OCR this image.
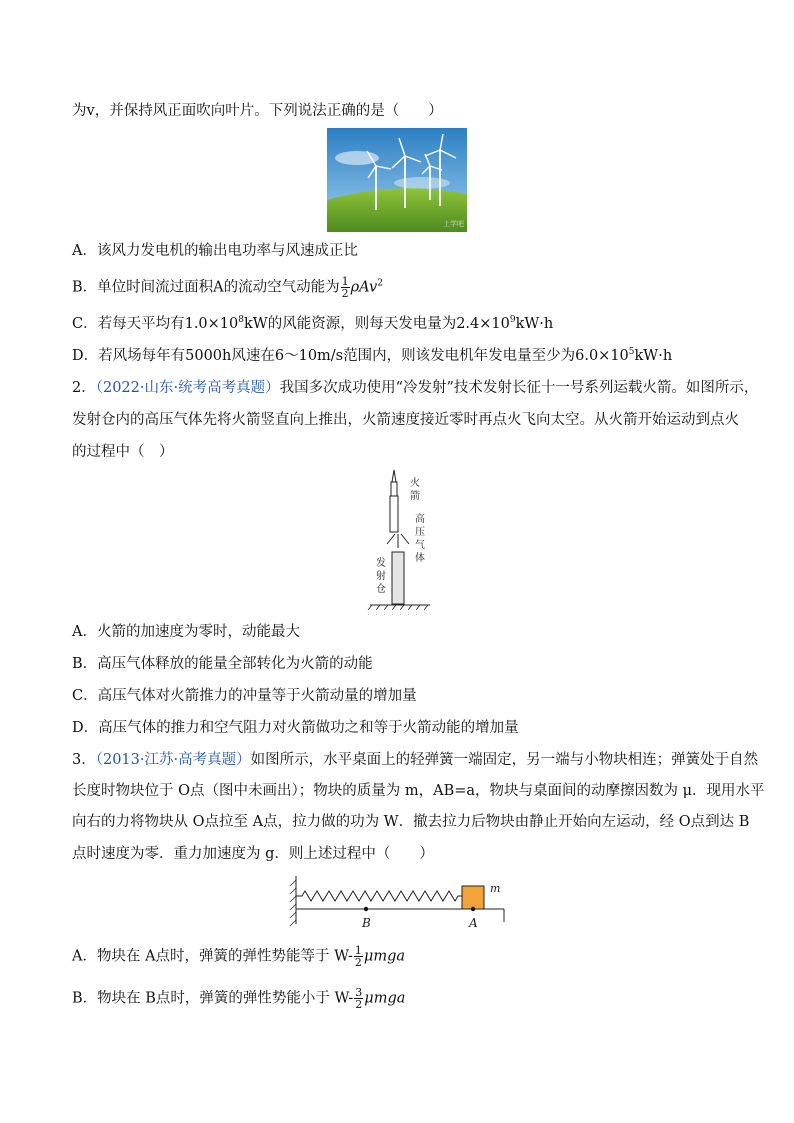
为v，并保持风正面吹向叶片。下列说法正确的是（　　）
上学吧
A．该风力发电机的输出电功率与风速成正比
B．单位时间流过面积A的流动空气动能为 $\frac{1}{2} \rho Av^2$
C．若每天平均有$1.0\times 10^8kW$的风能资源，则每天发电量为$2.4\times 10^9kW\cdot h$
D．若风场每年有5000h风速在6～10m/s范围内，则该发电机年发电量至少为$6.0\times 10^5kW\cdot h$
2．（2022·山东·统考高考真题）我国多次成功使用“冷发射”技术发射长征十一号系列运载火箭。如图所示，
发射仓内的高压气体先将火箭竖直向上推出，火箭速度接近零时再点火飞向太空。从火箭开始运动到点火
的过程中（　）
火
箭
高
压
气
体
发
射
仓
A．火箭的加速度为零时，动能最大
B．高压气体释放的能量全部转化为火箭的动能
C．高压气体对火箭推力的冲量等于火箭动量的增加量
D．高压气体的推力和空气阻力对火箭做功之和等于火箭动能的增加量
3．（2013·江苏·高考真题）如图所示，水平桌面上的轻弹簧一端固定，另一端与小物块相连；弹簧处于自然
长度时物块位于 O点（图中未画出）；物块的质量为 m，AB=a，物块与桌面间的动摩擦因数为 μ．现用水平
向右的力将物块从 O点拉至 A点，拉力做的功为 W．撤去拉力后物块由静止开始向左运动，经 O点到达 B
点时速度为零．重力加速度为 g．则上述过程中（　　）
m
B	A
A．物块在 A点时，弹簧的弹性势能等于 $W- \frac{1}{2}$ μmga
B．物块在 B点时，弹簧的弹性势能小于 $W- \frac{3}{2}$ μmga
